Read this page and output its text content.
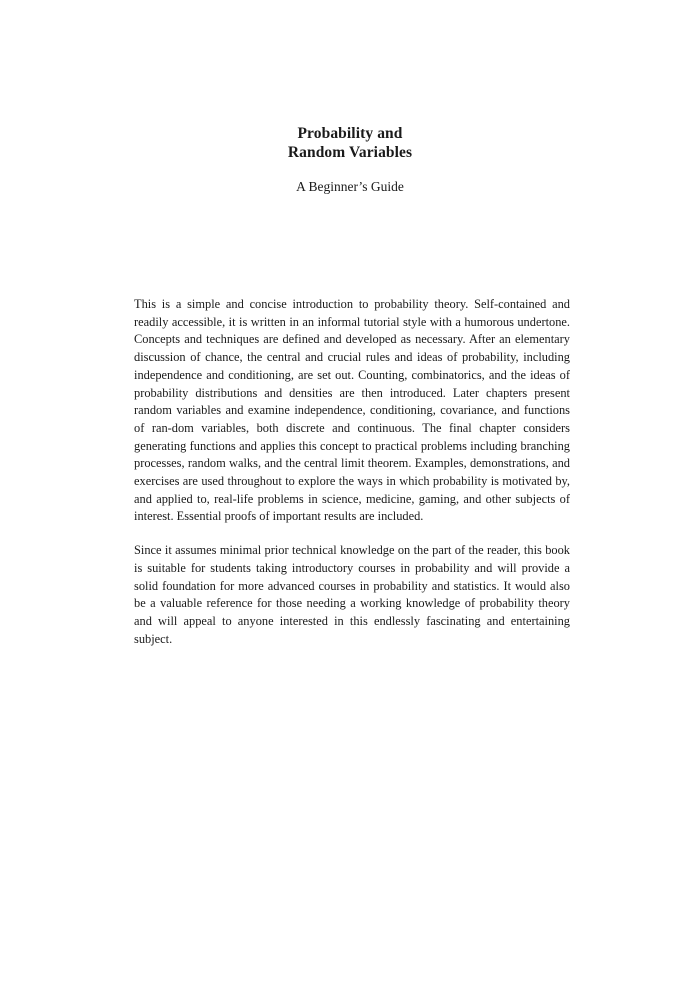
Probability and
Random Variables
A Beginner’s Guide

This is a simple and concise introduction to probability theory. Self-contained and readily accessible, it is written in an informal tutorial style with a humorous undertone. Concepts and techniques are defined and developed as necessary. After an elementary discussion of chance, the central and crucial rules and ideas of probability, including independence and conditioning, are set out. Counting, combinatorics, and the ideas of probability distributions and densities are then introduced. Later chapters present random variables and examine independence, conditioning, covariance, and functions of ran-dom variables, both discrete and continuous. The final chapter considers generating functions and applies this concept to practical problems including branching processes, random walks, and the central limit theorem. Examples, demonstrations, and exercises are used throughout to explore the ways in which probability is motivated by, and applied to, real-life problems in science, medicine, gaming, and other subjects of interest. Essential proofs of important results are included.

Since it assumes minimal prior technical knowledge on the part of the reader, this book is suitable for students taking introductory courses in probability and will provide a solid foundation for more advanced courses in probability and statistics. It would also be a valuable reference for those needing a working knowledge of probability theory and will appeal to anyone interested in this endlessly fascinating and entertaining subject.
